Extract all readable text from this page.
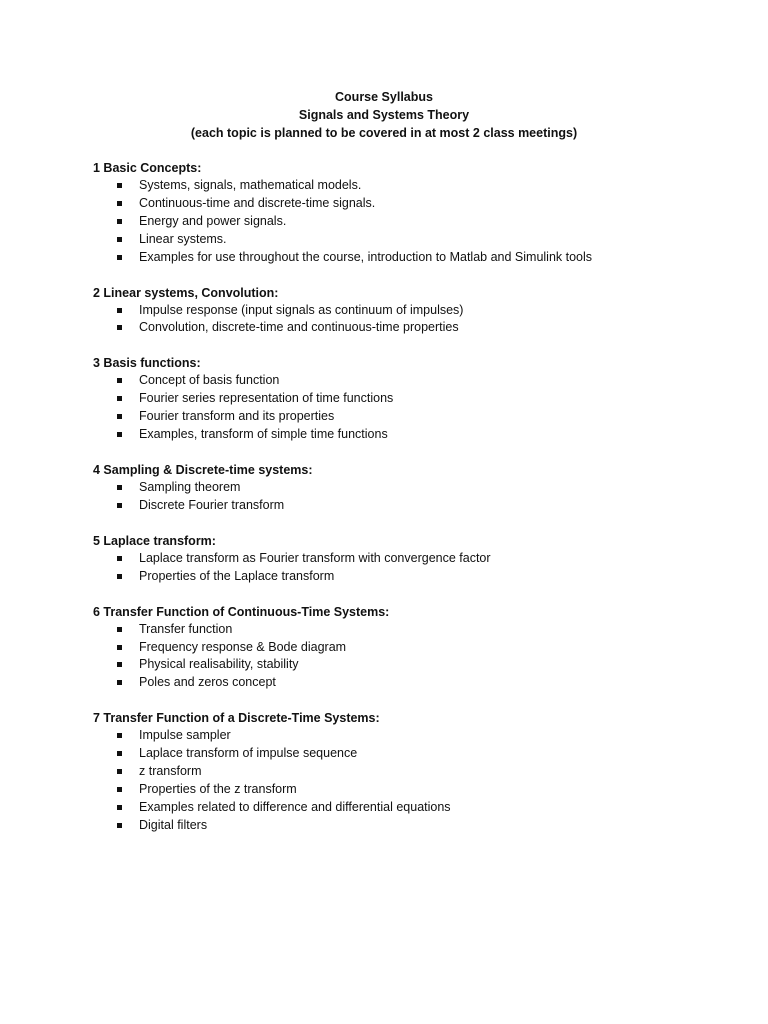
Course Syllabus
Signals and Systems Theory
(each topic is planned to be covered in at most 2 class meetings)
1 Basic Concepts:
Systems, signals, mathematical models.
Continuous-time and discrete-time signals.
Energy and power signals.
Linear systems.
Examples for use throughout the course, introduction to Matlab and Simulink tools
2 Linear systems, Convolution:
Impulse response (input signals as continuum of impulses)
Convolution, discrete-time and continuous-time properties
3 Basis functions:
Concept of basis function
Fourier series representation of time functions
Fourier transform and its properties
Examples, transform of simple time functions
4 Sampling & Discrete-time systems:
Sampling theorem
Discrete Fourier transform
5 Laplace transform:
Laplace transform as Fourier transform with convergence factor
Properties of the Laplace transform
6 Transfer Function of Continuous-Time Systems:
Transfer function
Frequency response & Bode diagram
Physical realisability, stability
Poles and zeros concept
7 Transfer Function of a Discrete-Time Systems:
Impulse sampler
Laplace transform of impulse sequence
z transform
Properties of the z transform
Examples related to difference and differential equations
Digital filters
